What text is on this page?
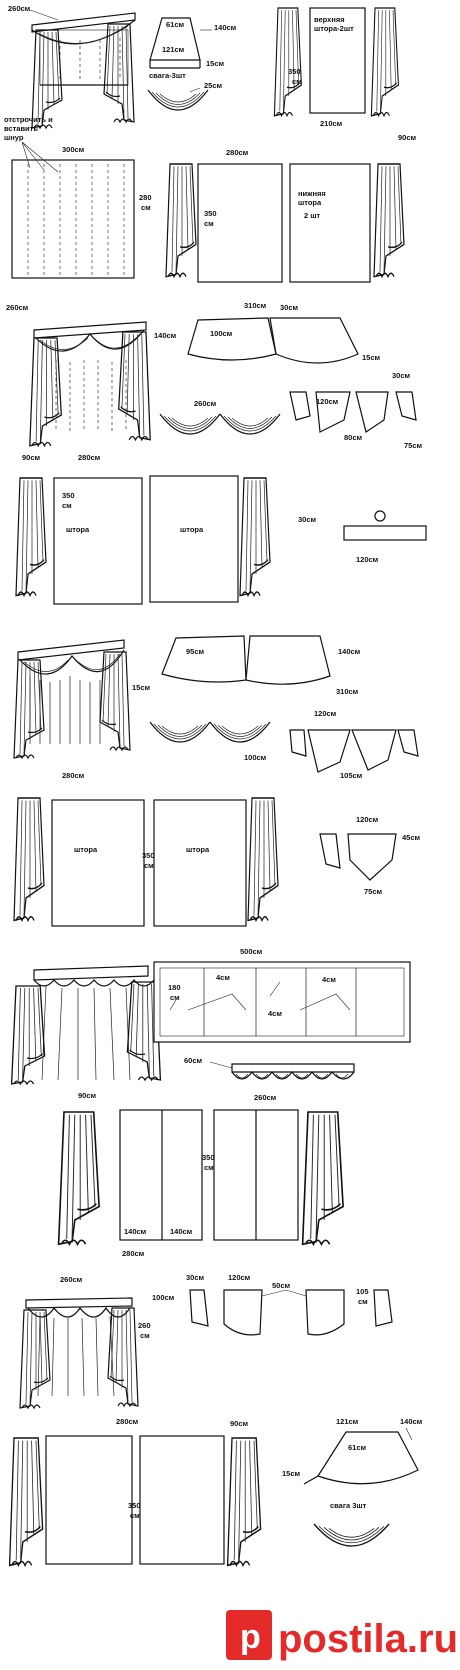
260см
61см	140см
121см
15см
свага-3шт
25см
350
см
верхняя
штора-2шт
210см
отстрочить и
вставить
шнур
300см
280
см
280см
350
см
нижняя
штора
2 шт
90см
260см
90см	280см
310см 30см
140см	100см
15см
30см
260см	120см
80см
75см
350
см
штора	штора
30см
120см
15см
280см
95см	140см
310см
120см
100см
105см
штора
350
см
штора
120см
45см
75см
90см
500см
180
см
4см
4см
4см
60см
260см
350
см
140см	140см
280см
260см
260
см
30см	120см
100см
50см
105
см
280см	90см
350
см
121см	140см
61см
15см
свага 3шт
p postila.ru
